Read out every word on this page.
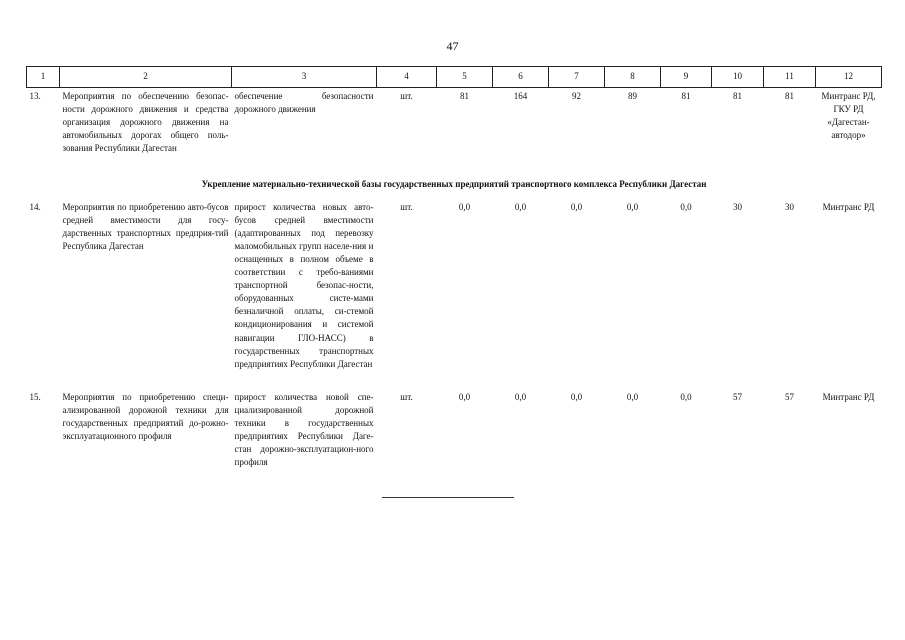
47
1	2	3	4	5	6	7	8	9	10	11	12
13.	Мероприятия по обеспечению безопас-ности дорожного движения и средства организация дорожного движения на автомобильных дорогах общего поль-зования Республики Дагестан	обеспечение безопасности дорожного движения	шт.	81	164	92	89	81	81	81	Минтранс РД, ГКУ РД «Дагестан-автодор»
Укрепление материально-технической базы государственных предприятий транспортного комплекса Республики Дагестан											
14.	Мероприятия по приобретению авто-бусов средней вместимости для госу-дарственных транспортных предприя-тий Республика Дагестан	прирост количества новых авто-бусов средней вместимости (адаптированных под перевозку маломобильных групп населе-ния и оснащенных в полном объеме в соответствии с требо-ваниями транспортной безопас-ности, оборудованных систе-мами безналичной оплаты, си-стемой кондиционирования и системой навигации ГЛО-НАСС) в государственных транспортных предприятиях Республики Дагестан	шт.	0,0	0,0	0,0	0,0	0,0	30	30	Минтранс РД
15.	Мероприятия по приобретению специ-ализированной дорожной техники для государственных предприятий до-рожно-эксплуатационного профиля	прирост количества новой спе-циализированной дорожной техники в государственных предприятиях Республики Даге-стан дорожно-эксплуатацион-ного профиля	шт.	0,0	0,0	0,0	0,0	0,0	57	57	Минтранс РД
